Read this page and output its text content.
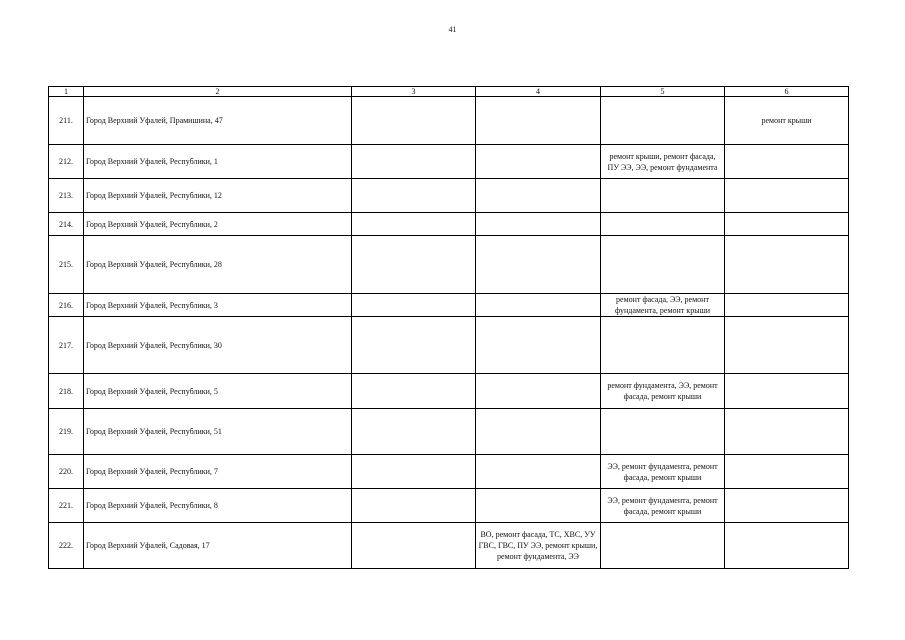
41
1	2	3	4	5	6
211.	Город Верхний Уфалей, Прамишина, 47				ремонт крыши
212.	Город Верхний Уфалей, Республики, 1			ремонт крыши, ремонт фасада, ПУ ЭЭ, ЭЭ, ремонт фундамента	
213.	Город Верхний Уфалей, Республики, 12				
214.	Город Верхний Уфалей, Республики, 2				
215.	Город Верхний Уфалей, Республики, 28				
216.	Город Верхний Уфалей, Республики, 3			ремонт фасада, ЭЭ, ремонт фундамента, ремонт крыши	
217.	Город Верхний Уфалей, Республики, 30				
218.	Город Верхний Уфалей, Республики, 5			ремонт фундамента, ЭЭ, ремонт фасада, ремонт крыши	
219.	Город Верхний Уфалей, Республики, 51				
220.	Город Верхний Уфалей, Республики, 7			ЭЭ, ремонт фундамента, ремонт фасада, ремонт крыши	
221.	Город Верхний Уфалей, Республики, 8			ЭЭ, ремонт фундамента, ремонт фасада, ремонт крыши	
222.	Город Верхний Уфалей, Садовая, 17		ВО, ремонт фасада, ТС, ХВС, УУ ГВС, ГВС, ПУ ЭЭ, ремонт крыши, ремонт фундамента, ЭЭ		
